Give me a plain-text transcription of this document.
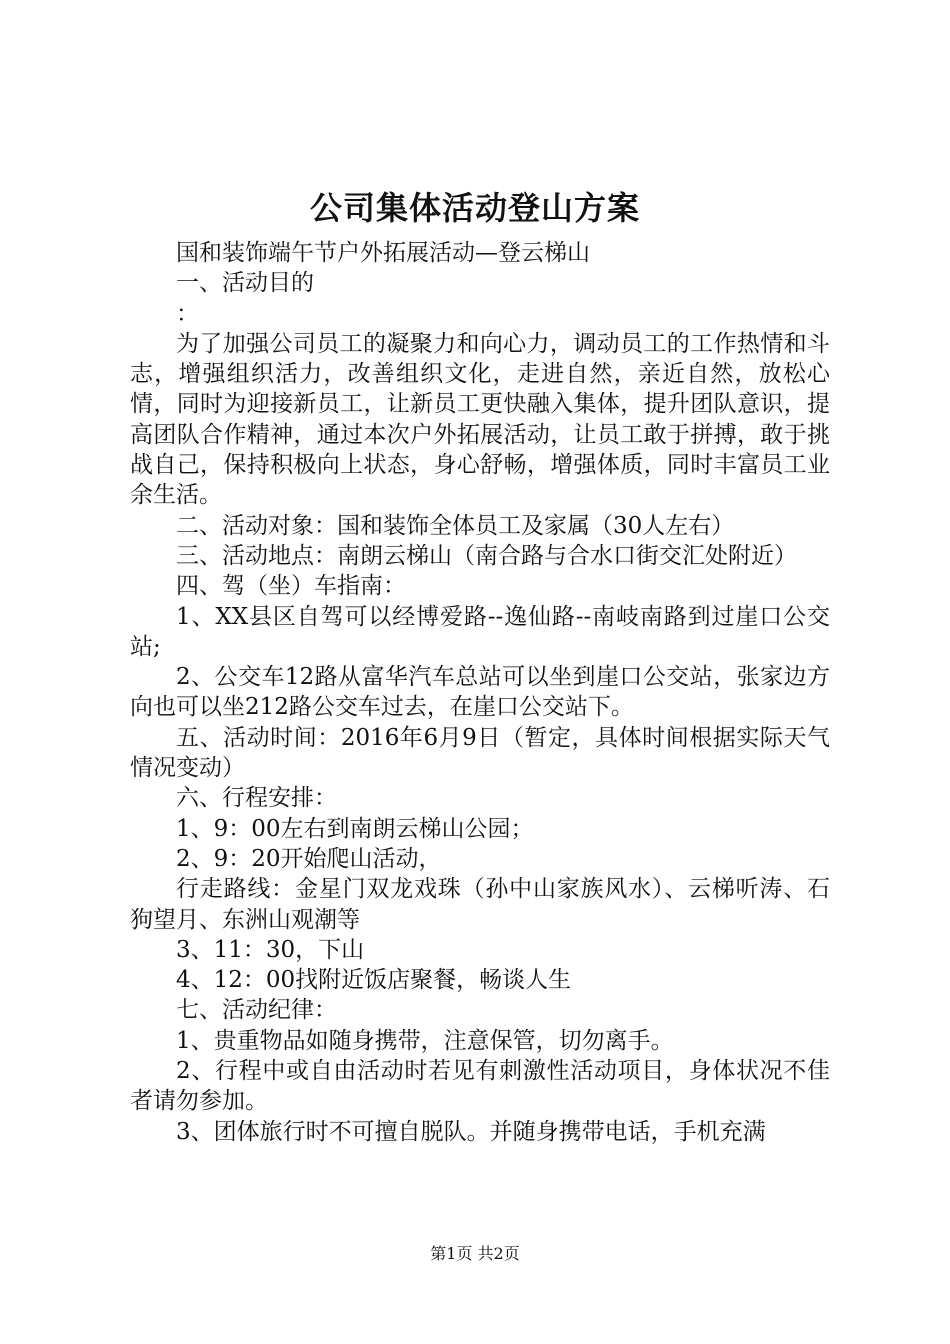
公司集体活动登山方案

国和装饰端午节户外拓展活动—登云梯山

一、活动目的

：

为了加强公司员工的凝聚力和向心力，调动员工的工作热情和斗志，增强组织活力，改善组织文化，走进自然，亲近自然，放松心情，同时为迎接新员工，让新员工更快融入集体，提升团队意识，提高团队合作精神，通过本次户外拓展活动，让员工敢于拼搏，敢于挑战自己，保持积极向上状态，身心舒畅，增强体质，同时丰富员工业余生活。

二、活动对象：国和装饰全体员工及家属（30人左右）

三、活动地点：南朗云梯山（南合路与合水口街交汇处附近）

四、驾（坐）车指南：

1、XX县区自驾可以经博爱路--逸仙路--南岐南路到过崖口公交站;

2、公交车12路从富华汽车总站可以坐到崖口公交站，张家边方向也可以坐212路公交车过去，在崖口公交站下。

五、活动时间：2016年6月9日（暂定，具体时间根据实际天气情况变动）

六、行程安排：

1、9：00左右到南朗云梯山公园；

2、9：20开始爬山活动，

行走路线：金星门双龙戏珠（孙中山家族风水）、云梯听涛、石狗望月、东洲山观潮等

3、11：30，下山

4、12：00找附近饭店聚餐，畅谈人生

七、活动纪律：

1、贵重物品如随身携带，注意保管，切勿离手。

2、行程中或自由活动时若见有刺激性活动项目，身体状况不佳者请勿参加。

3、团体旅行时不可擅自脱队。并随身携带电话，手机充满

第1页 共2页
